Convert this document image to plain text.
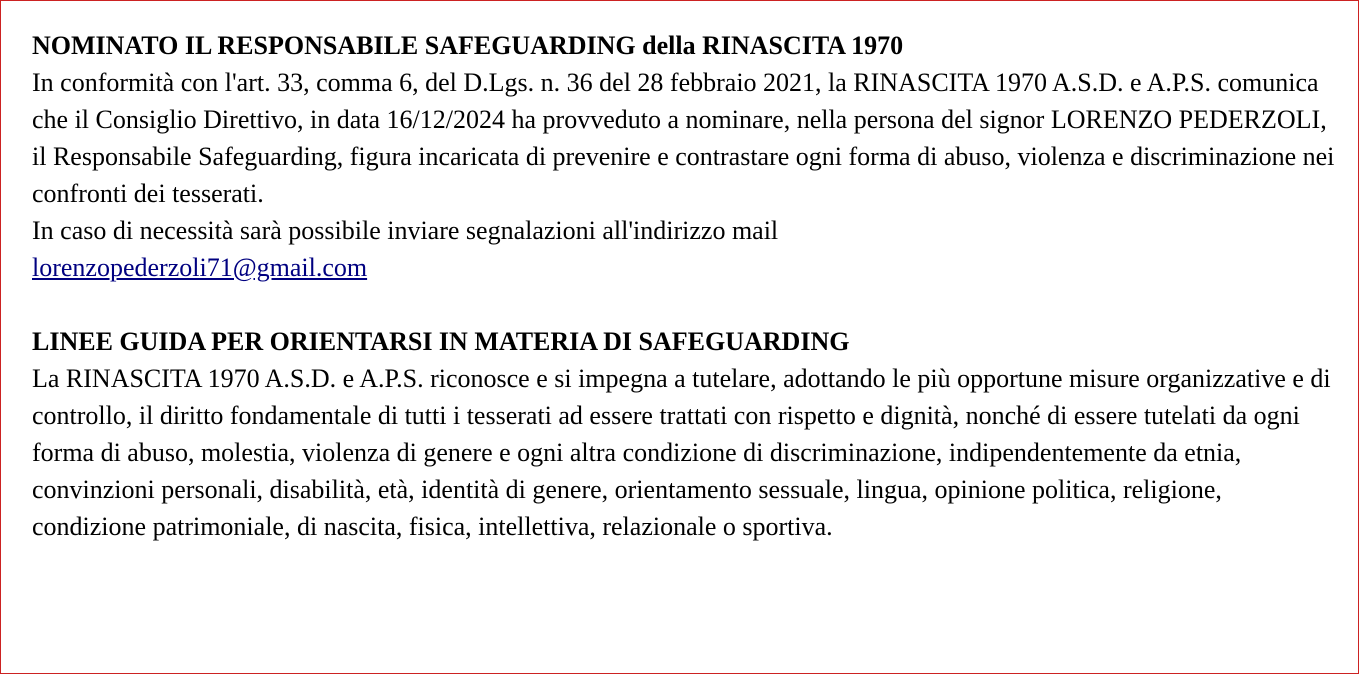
NOMINATO IL RESPONSABILE SAFEGUARDING della RINASCITA 1970
In conformità con l'art. 33, comma 6, del D.Lgs. n. 36 del 28 febbraio 2021, la RINASCITA 1970 A.S.D. e A.P.S. comunica che il Consiglio Direttivo, in data 16/12/2024 ha provveduto a nominare, nella persona del signor LORENZO PEDERZOLI, il Responsabile Safeguarding, figura incaricata di prevenire e contrastare ogni forma di abuso, violenza e discriminazione nei confronti dei tesserati.
In caso di necessità sarà possibile inviare segnalazioni all'indirizzo mail
lorenzopederzoli71@gmail.com
LINEE GUIDA PER ORIENTARSI IN MATERIA DI SAFEGUARDING
La RINASCITA 1970 A.S.D. e A.P.S. riconosce e si impegna a tutelare, adottando le più opportune misure organizzative e di controllo, il diritto fondamentale di tutti i tesserati ad essere trattati con rispetto e dignità, nonché di essere tutelati da ogni forma di abuso, molestia, violenza di genere e ogni altra condizione di discriminazione, indipendentemente da etnia, convinzioni personali, disabilità, età, identità di genere, orientamento sessuale, lingua, opinione politica, religione, condizione patrimoniale, di nascita, fisica, intellettiva, relazionale o sportiva.
